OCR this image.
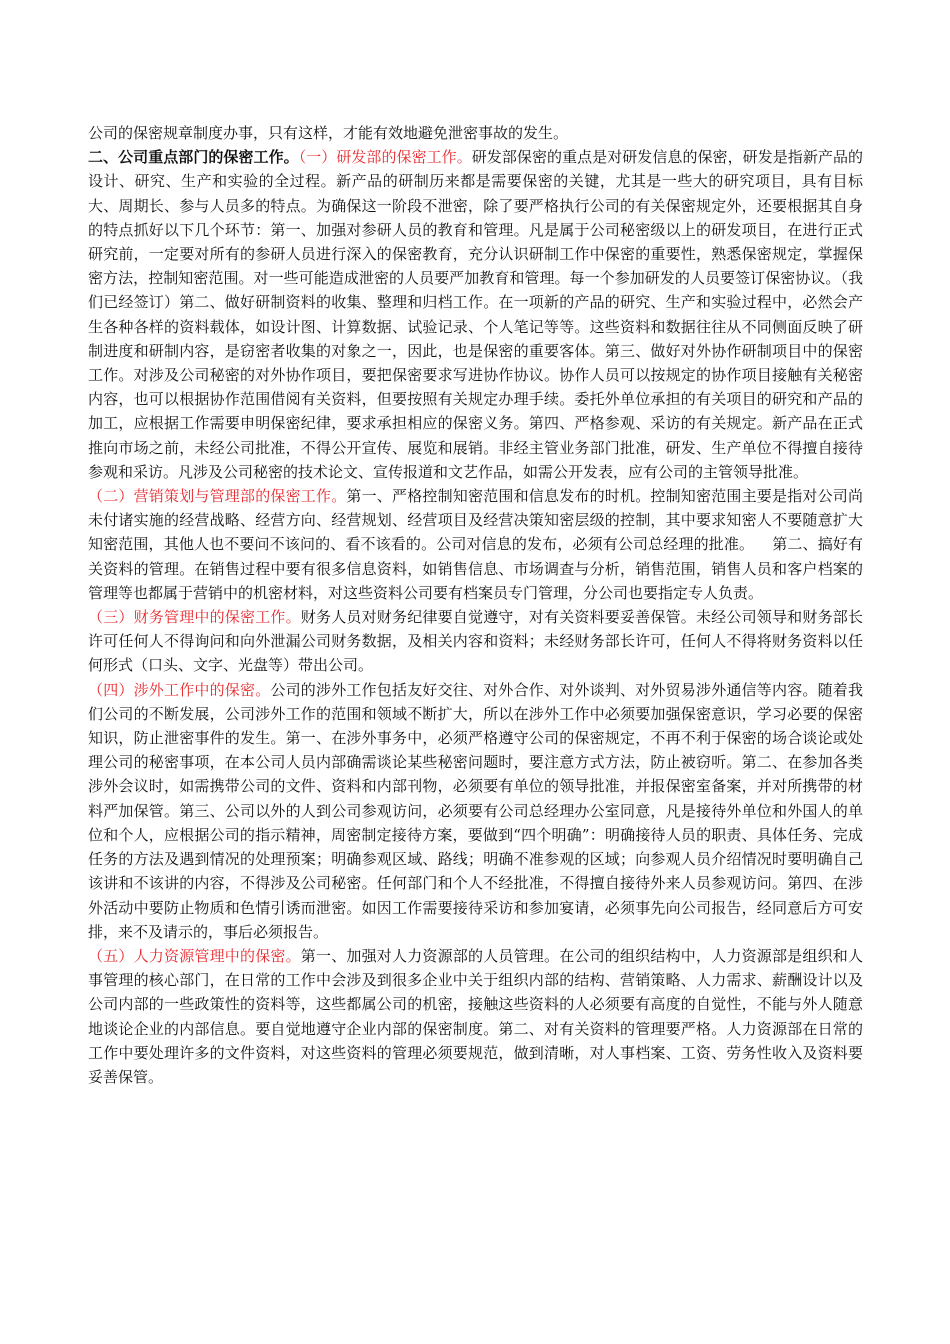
公司的保密规章制度办事，只有这样，才能有效地避免泄密事故的发生。

二、公司重点部门的保密工作。（一）研发部的保密工作。研发部保密的重点是对研发信息的保密，研发是指新产品的设计、研究、生产和实验的全过程。新产品的研制历来都是需要保密的关键，尤其是一些大的研究项目，具有目标大、周期长、参与人员多的特点。为确保这一阶段不泄密，除了要严格执行公司的有关保密规定外，还要根据其自身的特点抓好以下几个环节：第一、加强对参研人员的教育和管理。凡是属于公司秘密级以上的研发项目，在进行正式研究前，一定要对所有的参研人员进行深入的保密教育，充分认识研制工作中保密的重要性，熟悉保密规定，掌握保密方法，控制知密范围。对一些可能造成泄密的人员要严加教育和管理。每一个参加研发的人员要签订保密协议。（我们已经签订）第二、做好研制资料的收集、整理和归档工作。在一项新的产品的研究、生产和实验过程中，必然会产生各种各样的资料载体，如设计图、计算数据、试验记录、个人笔记等等。这些资料和数据往往从不同侧面反映了研制进度和研制内容，是窃密者收集的对象之一，因此，也是保密的重要客体。第三、做好对外协作研制项目中的保密工作。对涉及公司秘密的对外协作项目，要把保密要求写进协作协议。协作人员可以按规定的协作项目接触有关秘密内容，也可以根据协作范围借阅有关资料，但要按照有关规定办理手续。委托外单位承担的有关项目的研究和产品的加工，应根据工作需要申明保密纪律，要求承担相应的保密义务。第四、严格参观、采访的有关规定。新产品在正式推向市场之前，未经公司批准，不得公开宣传、展览和展销。非经主管业务部门批准，研发、生产单位不得擅自接待参观和采访。凡涉及公司秘密的技术论文、宣传报道和文艺作品，如需公开发表，应有公司的主管领导批准。

（二）营销策划与管理部的保密工作。第一、严格控制知密范围和信息发布的时机。控制知密范围主要是指对公司尚未付诸实施的经营战略、经营方向、经营规划、经营项目及经营决策知密层级的控制，其中要求知密人不要随意扩大知密范围，其他人也不要问不该问的、看不该看的。公司对信息的发布，必须有公司总经理的批准。 第二、搞好有关资料的管理。在销售过程中要有很多信息资料，如销售信息、市场调查与分析，销售范围，销售人员和客户档案的管理等也都属于营销中的机密材料，对这些资料公司要有档案员专门管理，分公司也要指定专人负责。

（三）财务管理中的保密工作。财务人员对财务纪律要自觉遵守，对有关资料要妥善保管。未经公司领导和财务部长许可任何人不得询问和向外泄漏公司财务数据，及相关内容和资料；未经财务部长许可，任何人不得将财务资料以任何形式（口头、文字、光盘等）带出公司。

（四）涉外工作中的保密。公司的涉外工作包括友好交往、对外合作、对外谈判、对外贸易涉外通信等内容。随着我们公司的不断发展，公司涉外工作的范围和领域不断扩大，所以在涉外工作中必须要加强保密意识，学习必要的保密知识，防止泄密事件的发生。第一、在涉外事务中，必须严格遵守公司的保密规定，不再不利于保密的场合谈论或处理公司的秘密事项，在本公司人员内部确需谈论某些秘密问题时，要注意方式方法，防止被窃听。第二、在参加各类涉外会议时，如需携带公司的文件、资料和内部刊物，必须要有单位的领导批准，并报保密室备案，并对所携带的材料严加保管。第三、公司以外的人到公司参观访问，必须要有公司总经理办公室同意，凡是接待外单位和外国人的单位和个人，应根据公司的指示精神，周密制定接待方案，要做到“四个明确”：明确接待人员的职责、具体任务、完成任务的方法及遇到情况的处理预案；明确参观区域、路线；明确不准参观的区域；向参观人员介绍情况时要明确自己该讲和不该讲的内容，不得涉及公司秘密。任何部门和个人不经批准，不得擅自接待外来人员参观访问。第四、在涉外活动中要防止物质和色情引诱而泄密。如因工作需要接待采访和参加宴请，必须事先向公司报告，经同意后方可安排，来不及请示的，事后必须报告。

（五）人力资源管理中的保密。第一、加强对人力资源部的人员管理。在公司的组织结构中，人力资源部是组织和人事管理的核心部门，在日常的工作中会涉及到很多企业中关于组织内部的结构、营销策略、人力需求、薪酬设计以及公司内部的一些政策性的资料等，这些都属公司的机密，接触这些资料的人必须要有高度的自觉性，不能与外人随意地谈论企业的内部信息。要自觉地遵守企业内部的保密制度。第二、对有关资料的管理要严格。人力资源部在日常的工作中要处理许多的文件资料，对这些资料的管理必须要规范，做到清晰，对人事档案、工资、劳务性收入及资料要妥善保管。
